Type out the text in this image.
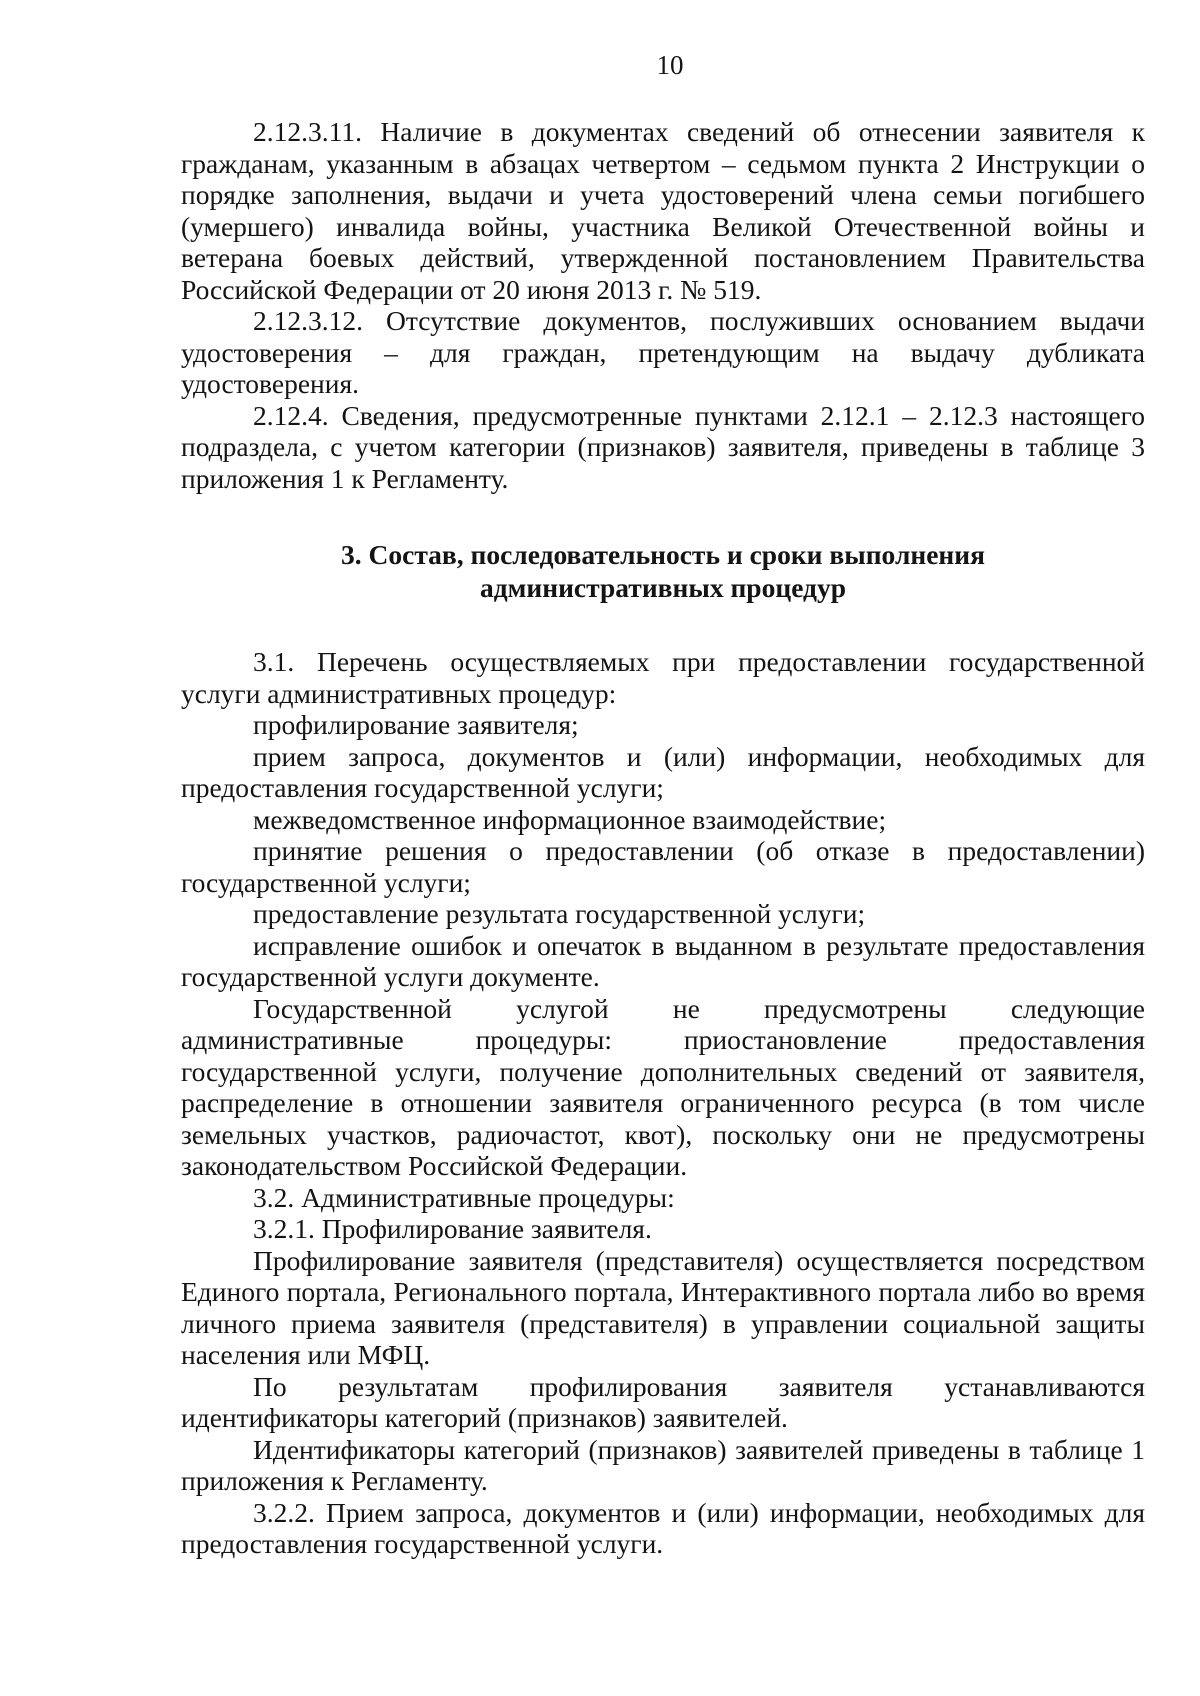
10

2.12.3.11. Наличие в документах сведений об отнесении заявителя к гражданам, указанным в абзацах четвертом – седьмом пункта 2 Инструкции о порядке заполнения, выдачи и учета удостоверений члена семьи погибшего (умершего) инвалида войны, участника Великой Отечественной войны и ветерана боевых действий, утвержденной постановлением Правительства Российской Федерации от 20 июня 2013 г. № 519.

2.12.3.12. Отсутствие документов, послуживших основанием выдачи удостоверения – для граждан, претендующим на выдачу дубликата удостоверения.

2.12.4. Сведения, предусмотренные пунктами 2.12.1 – 2.12.3 настоящего подраздела, с учетом категории (признаков) заявителя, приведены в таблице 3 приложения 1 к Регламенту.

3. Состав, последовательность и сроки выполнения
административных процедур

3.1. Перечень осуществляемых при предоставлении государственной услуги административных процедур:

профилирование заявителя;

прием запроса, документов и (или) информации, необходимых для предоставления государственной услуги;

межведомственное информационное взаимодействие;

принятие решения о предоставлении (об отказе в предоставлении) государственной услуги;

предоставление результата государственной услуги;

исправление ошибок и опечаток в выданном в результате предоставления государственной услуги документе.

Государственной услугой не предусмотрены следующие административные процедуры: приостановление предоставления государственной услуги, получение дополнительных сведений от заявителя, распределение в отношении заявителя ограниченного ресурса (в том числе земельных участков, радиочастот, квот), поскольку они не предусмотрены законодательством Российской Федерации.

3.2. Административные процедуры:

3.2.1. Профилирование заявителя.

Профилирование заявителя (представителя) осуществляется посредством Единого портала, Регионального портала, Интерактивного портала либо во время личного приема заявителя (представителя) в управлении социальной защиты населения или МФЦ.

По результатам профилирования заявителя устанавливаются идентификаторы категорий (признаков) заявителей.

Идентификаторы категорий (признаков) заявителей приведены в таблице 1 приложения к Регламенту.

3.2.2. Прием запроса, документов и (или) информации, необходимых для предоставления государственной услуги.
